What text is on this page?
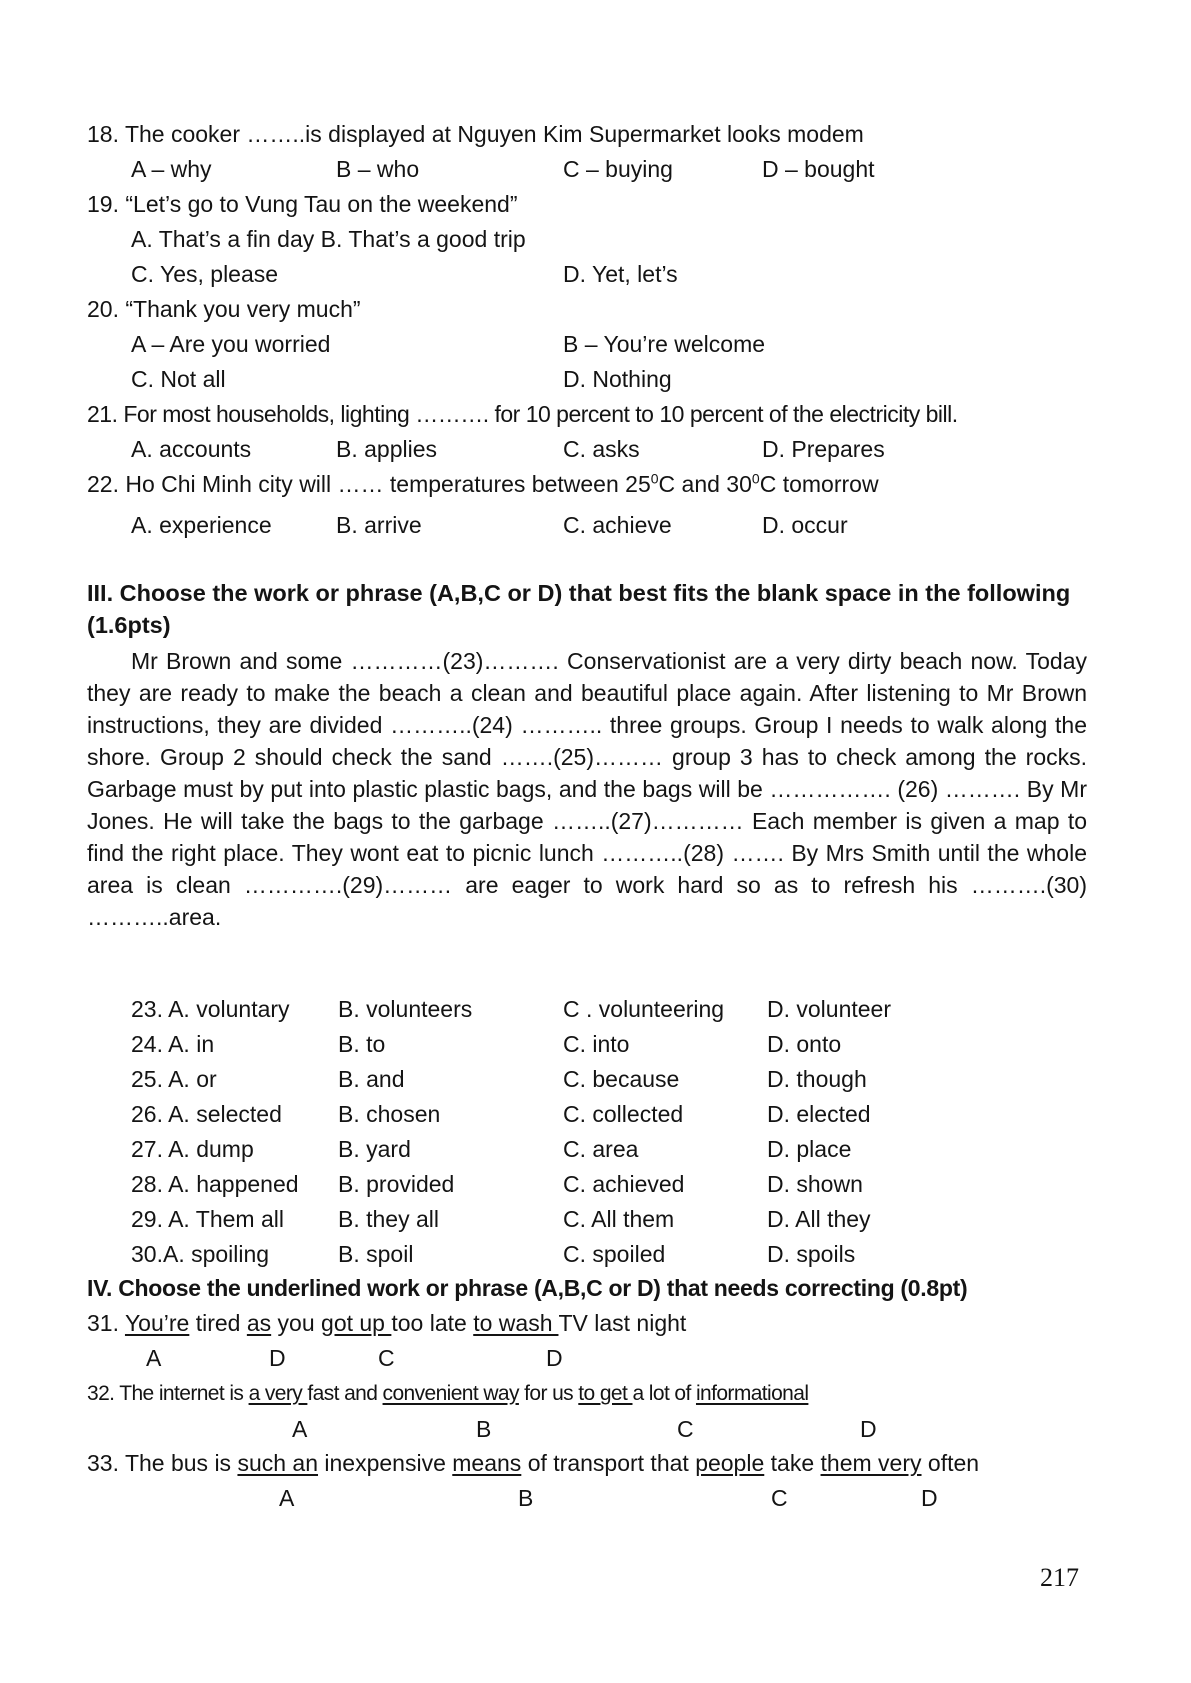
18. The cooker ……..is displayed at Nguyen Kim Supermarket looks modem
A – why	B – who	C – buying	D – bought
19. “Let’s go to Vung Tau on the weekend”
A. That’s a fin day B. That’s a good trip
C. Yes, please	D. Yet, let’s
20. “Thank you very much”
A – Are you worried	B – You’re welcome
C. Not all	D. Nothing
21. For most households, lighting ………. for 10 percent to 10 percent of the electricity bill.
A. accounts	B. applies	C. asks	D. Prepares
22. Ho Chi Minh city will …… temperatures between $25^0C$ and $30^0C$ tomorrow
A. experience	B. arrive	C. achieve	D. occur
III. Choose the work or phrase (A,B,C or D) that best fits the blank space in the following (1.6pts)

Mr Brown and some …………(23)………. Conservationist are a very dirty beach now. Today they are ready to make the beach a clean and beautiful place again. After listening to Mr Brown instructions, they are divided ………..(24) ……….. three groups. Group I needs to walk along the shore. Group 2 should check the sand …….(25)……… group 3 has to check among the rocks. Garbage must by put into plastic plastic bags, and the bags will be ……………. (26) ………. By Mr Jones. He will take the bags to the garbage ……..(27)………… Each member is given a map to find the right place. They wont eat to picnic lunch ………..(28) ……. By Mrs Smith until the whole area is clean ………….(29)……… are eager to work hard so as to refresh his ……….(30) ………..area.

23. A. voluntary B. volunteers	C . volunteering D. volunteer
24. A. in	B. to	C. into	D. onto
25. A. or	B. and	C. because	D. though
26. A. selected B. chosen	C. collected	D. elected
27. A. dump	B. yard	C. area	D. place
28. A. happened B. provided	C. achieved	D. shown
29. A. Them all B. they all	C. All them	D. All they
30.A. spoiling	B. spoil	C. spoiled	D. spoils
IV. Choose the underlined work or phrase (A,B,C or D) that needs correcting (0.8pt)
31. You’re tired as you got up too late to wash TV last night
A	D	C	D
32. The internet is a very fast and convenient way for us to get a lot of informational
A	B	C	D
33. The bus is such an inexpensive means of transport that people take them very often
A	B	C	D
217
